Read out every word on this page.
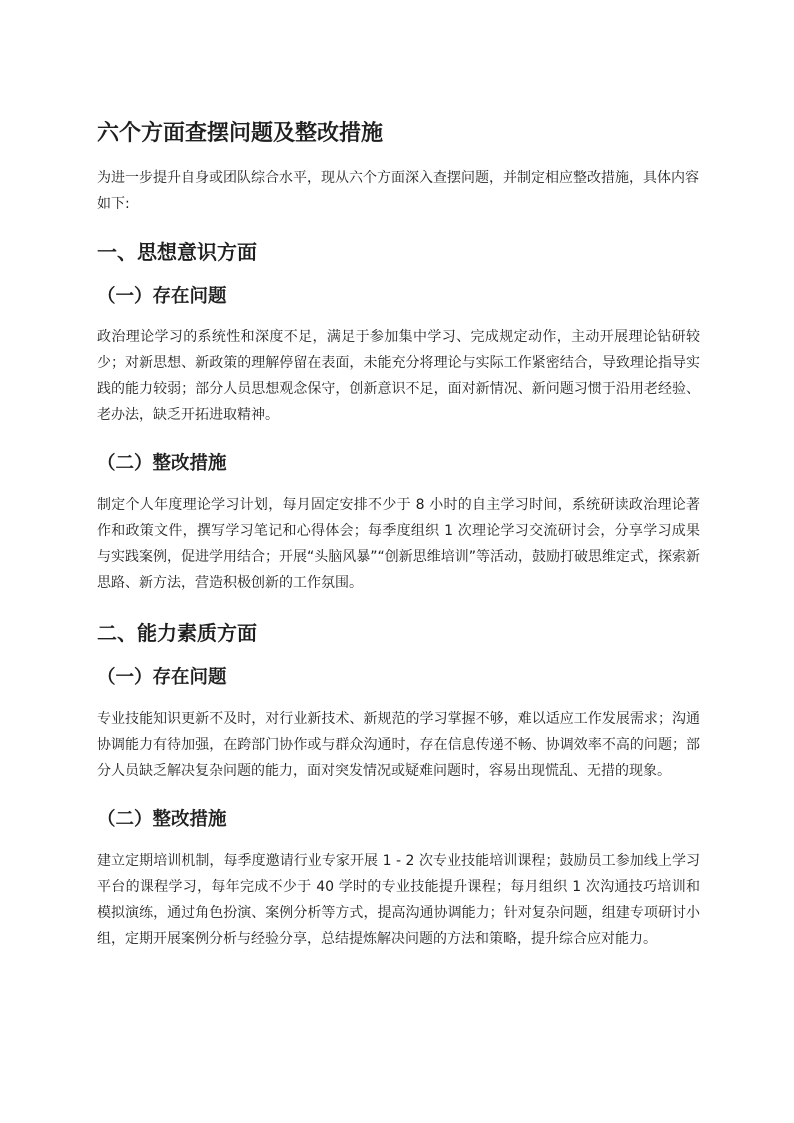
六个方面查摆问题及整改措施

为进一步提升自身或团队综合水平，现从六个方面深入查摆问题，并制定相应整改措施，具体内容如下:

一、思想意识方面
（一）存在问题

政治理论学习的系统性和深度不足，满足于参加集中学习、完成规定动作，主动开展理论钻研较少；对新思想、新政策的理解停留在表面，未能充分将理论与实际工作紧密结合，导致理论指导实践的能力较弱；部分人员思想观念保守，创新意识不足，面对新情况、新问题习惯于沿用老经验、老办法，缺乏开拓进取精神。

（二）整改措施

制定个人年度理论学习计划，每月固定安排不少于 8 小时的自主学习时间，系统研读政治理论著作和政策文件，撰写学习笔记和心得体会；每季度组织 1 次理论学习交流研讨会，分享学习成果与实践案例，促进学用结合；开展“头脑风暴”“创新思维培训”等活动，鼓励打破思维定式，探索新思路、新方法，营造积极创新的工作氛围。

二、能力素质方面
（一）存在问题

专业技能知识更新不及时，对行业新技术、新规范的学习掌握不够，难以适应工作发展需求；沟通协调能力有待加强，在跨部门协作或与群众沟通时，存在信息传递不畅、协调效率不高的问题；部分人员缺乏解决复杂问题的能力，面对突发情况或疑难问题时，容易出现慌乱、无措的现象。

（二）整改措施

建立定期培训机制，每季度邀请行业专家开展 1 - 2 次专业技能培训课程；鼓励员工参加线上学习平台的课程学习，每年完成不少于 40 学时的专业技能提升课程；每月组织 1 次沟通技巧培训和模拟演练，通过角色扮演、案例分析等方式，提高沟通协调能力；针对复杂问题，组建专项研讨小组，定期开展案例分析与经验分享，总结提炼解决问题的方法和策略，提升综合应对能力。
